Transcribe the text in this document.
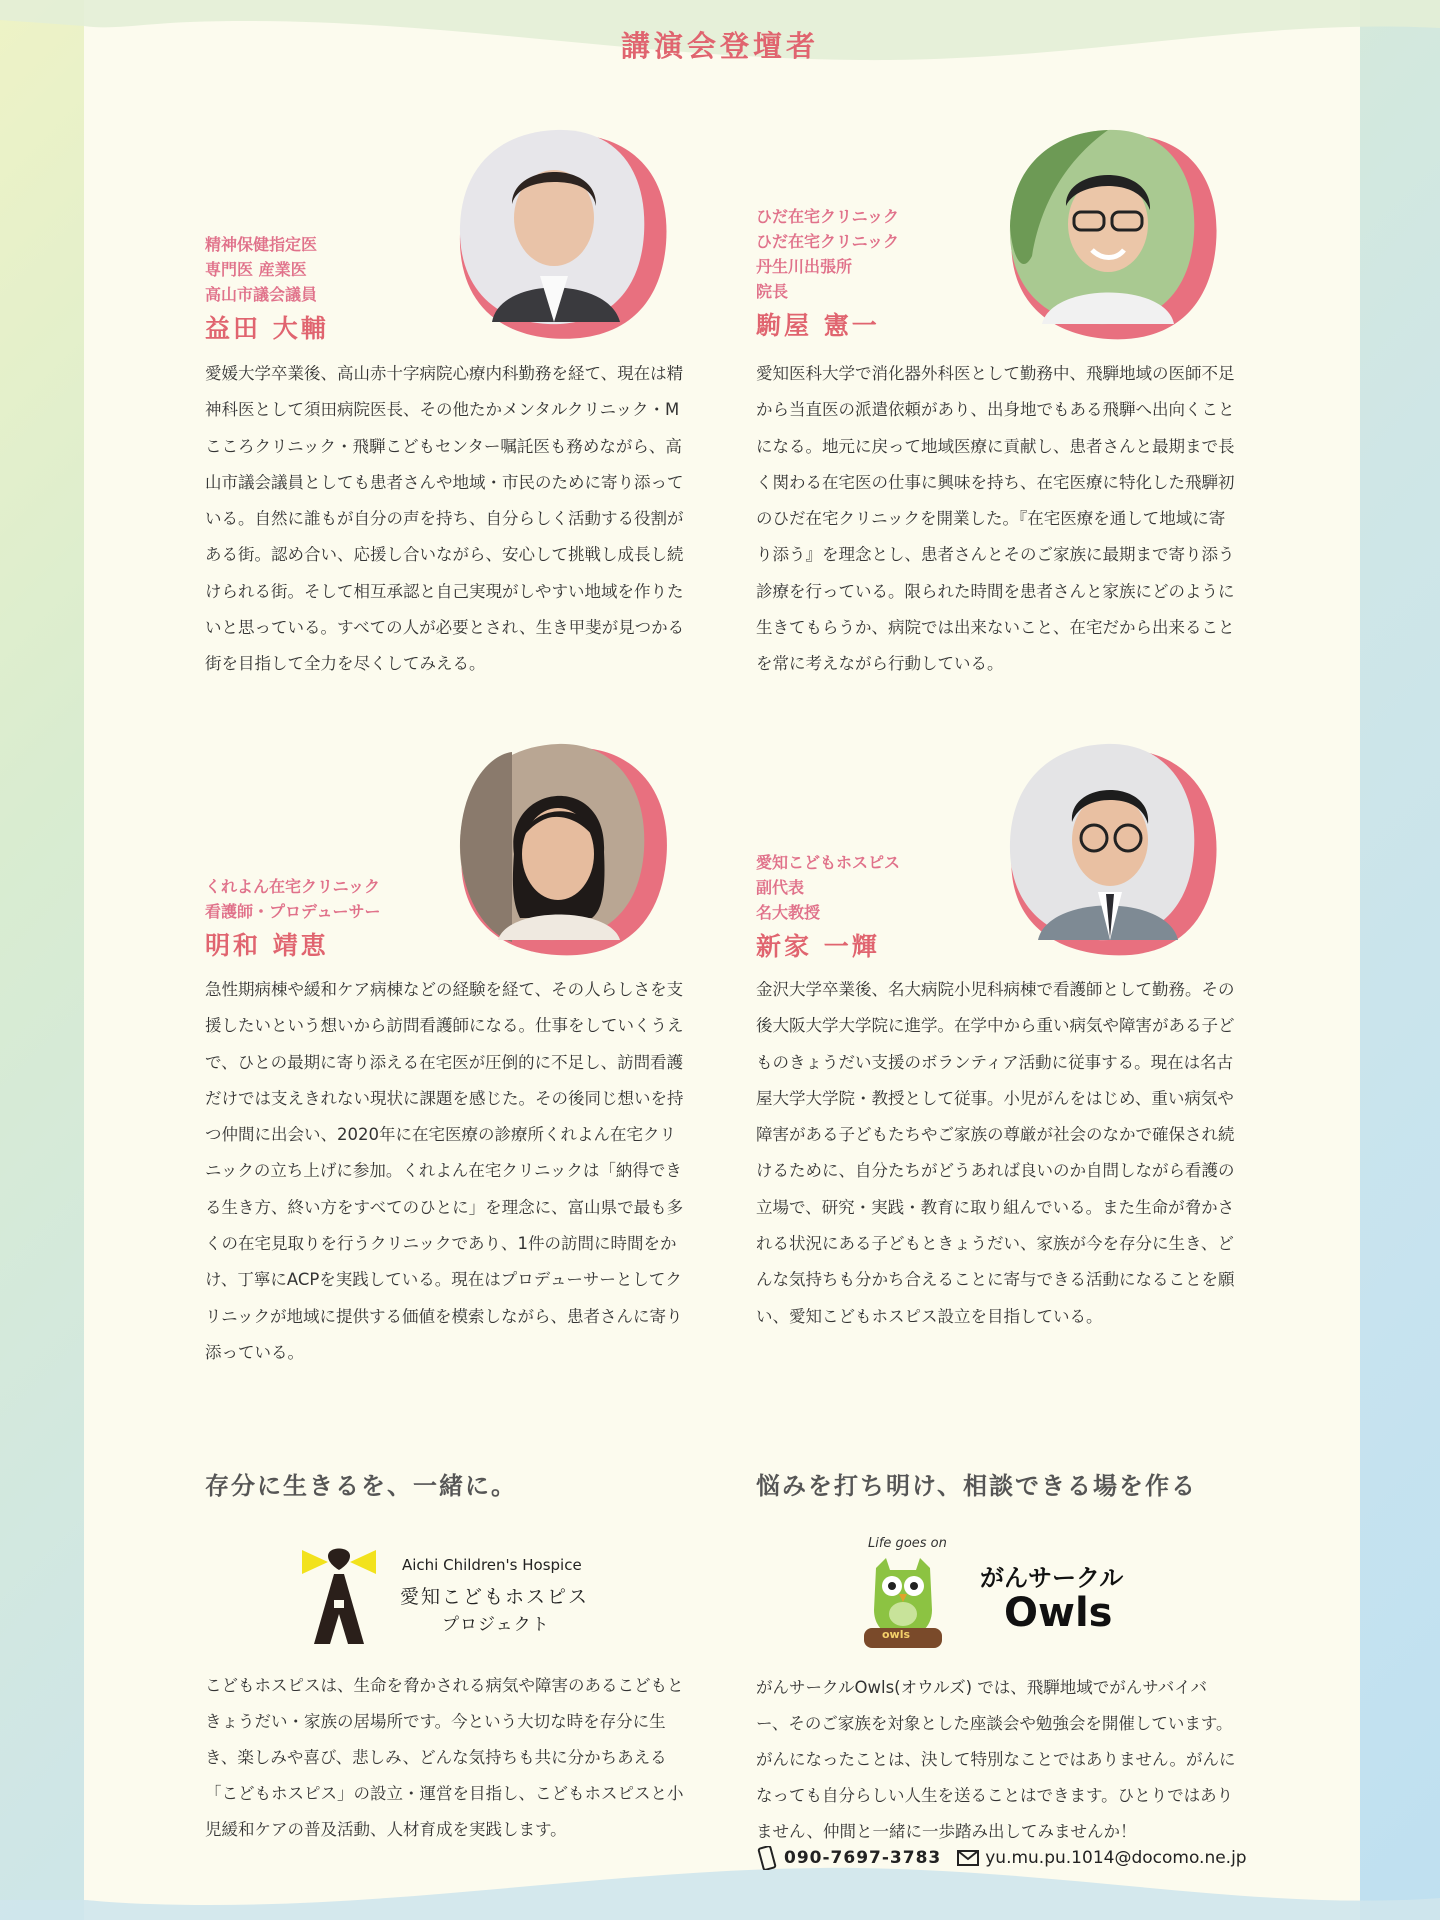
講演会登壇者
精神保健指定医
専門医 産業医
高山市議会議員
益田 大輔
愛媛大学卒業後、高山赤十字病院心療内科勤務を経て、現在は精神科医として須田病院医長、その他たかメンタルクリニック・Mこころクリニック・飛騨こどもセンター嘱託医も務めながら、高山市議会議員としても患者さんや地域・市民のために寄り添っている。自然に誰もが自分の声を持ち、自分らしく活動する役割がある街。認め合い、応援し合いながら、安心して挑戦し成長し続けられる街。そして相互承認と自己実現がしやすい地域を作りたいと思っている。すべての人が必要とされ、生き甲斐が見つかる街を目指して全力を尽くしてみえる。
ひだ在宅クリニック
ひだ在宅クリニック
丹生川出張所
院長
駒屋 憲一
愛知医科大学で消化器外科医として勤務中、飛騨地域の医師不足から当直医の派遣依頼があり、出身地でもある飛騨へ出向くことになる。地元に戻って地域医療に貢献し、患者さんと最期まで長く関わる在宅医の仕事に興味を持ち、在宅医療に特化した飛騨初のひだ在宅クリニックを開業した。『在宅医療を通して地域に寄り添う』を理念とし、患者さんとそのご家族に最期まで寄り添う診療を行っている。限られた時間を患者さんと家族にどのように生きてもらうか、病院では出来ないこと、在宅だから出来ることを常に考えながら行動している。
くれよん在宅クリニック
看護師・プロデューサー
明和 靖恵
急性期病棟や緩和ケア病棟などの経験を経て、その人らしさを支援したいという想いから訪問看護師になる。仕事をしていくうえで、ひとの最期に寄り添える在宅医が圧倒的に不足し、訪問看護だけでは支えきれない現状に課題を感じた。その後同じ想いを持つ仲間に出会い、2020年に在宅医療の診療所くれよん在宅クリニックの立ち上げに参加。くれよん在宅クリニックは「納得できる生き方、終い方をすべてのひとに」を理念に、富山県で最も多くの在宅見取りを行うクリニックであり、1件の訪問に時間をかけ、丁寧にACPを実践している。現在はプロデューサーとしてクリニックが地域に提供する価値を模索しながら、患者さんに寄り添っている。
愛知こどもホスピス
副代表
名大教授
新家 一輝
金沢大学卒業後、名大病院小児科病棟で看護師として勤務。その後大阪大学大学院に進学。在学中から重い病気や障害がある子どものきょうだい支援のボランティア活動に従事する。現在は名古屋大学大学院・教授として従事。小児がんをはじめ、重い病気や障害がある子どもたちやご家族の尊厳が社会のなかで確保され続けるために、自分たちがどうあれば良いのか自問しながら看護の立場で、研究・実践・教育に取り組んでいる。また生命が脅かされる状況にある子どもときょうだい、家族が今を存分に生き、どんな気持ちも分かち合えることに寄与できる活動になることを願い、愛知こどもホスピス設立を目指している。
存分に生きるを、一緒に。
Aichi Children's Hospice
愛知こどもホスピス
プロジェクト
こどもホスピスは、生命を脅かされる病気や障害のあるこどもときょうだい・家族の居場所です。今という大切な時を存分に生き、楽しみや喜び、悲しみ、どんな気持ちも共に分かちあえる「こどもホスピス」の設立・運営を目指し、こどもホスピスと小児緩和ケアの普及活動、人材育成を実践します。
悩みを打ち明け、相談できる場を作る
Life goes on
owls
がんサークル
Owls
がんサークルOwls(オウルズ) では、飛騨地域でがんサバイバー、そのご家族を対象とした座談会や勉強会を開催しています。がんになったことは、決して特別なことではありません。がんになっても自分らしい人生を送ることはできます。ひとりではありません、仲間と一緒に一歩踏み出してみませんか！
090-7697-3783	yu.mu.pu.1014@docomo.ne.jp
